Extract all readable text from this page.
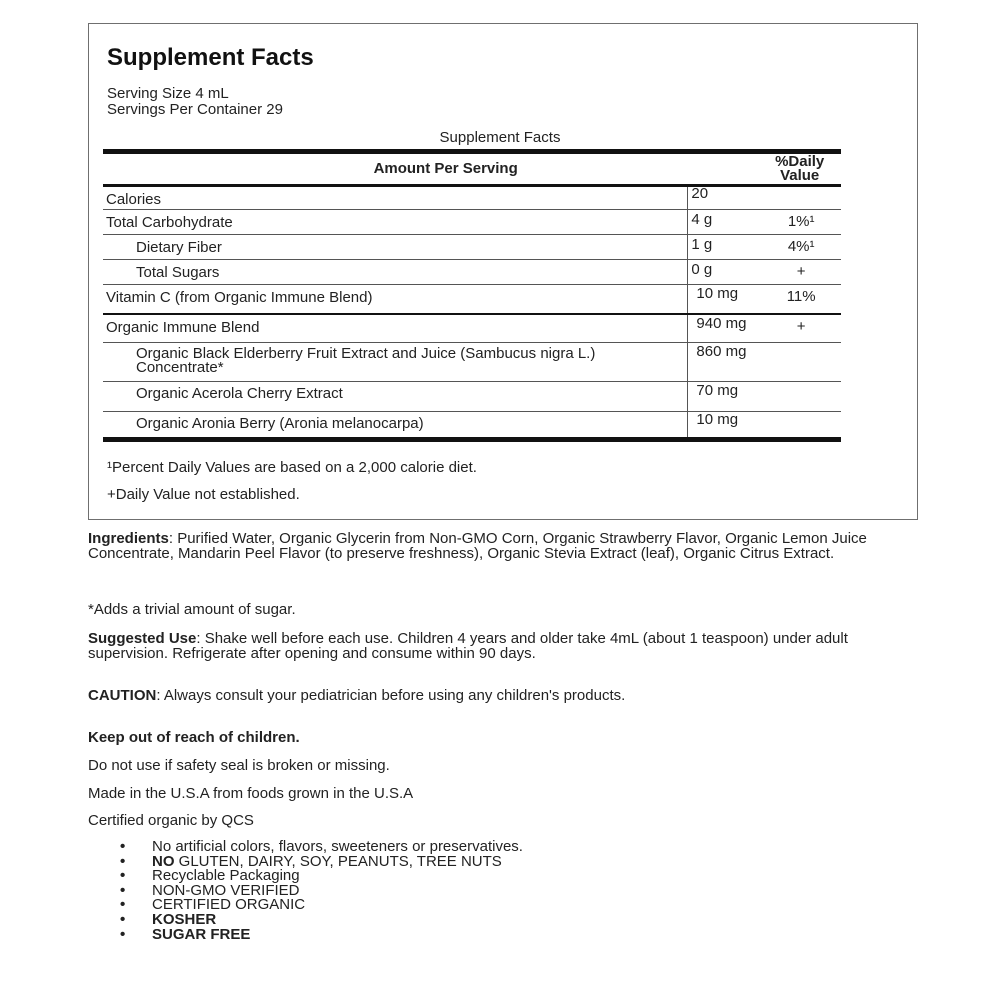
Supplement Facts
Serving Size 4 mL
Servings Per Container 29
Supplement Facts
Amount Per Serving		%Daily Value
Calories	20	
Total Carbohydrate	4 g	1%¹
Dietary Fiber	1 g	4%¹
Total Sugars	0 g	+
Vitamin C (from Organic Immune Blend)	10 mg	11%
Organic Immune Blend	940 mg	+
Organic Black Elderberry Fruit Extract and Juice (Sambucus nigra L.) Concentrate*	860 mg	
Organic Acerola Cherry Extract	70 mg	
Organic Aronia Berry (Aronia melanocarpa)	10 mg	
¹Percent Daily Values are based on a 2,000 calorie diet.
+Daily Value not established.
Ingredients: Purified Water, Organic Glycerin from Non-GMO Corn, Organic Strawberry Flavor, Organic Lemon Juice Concentrate, Mandarin Peel Flavor (to preserve freshness), Organic Stevia Extract (leaf), Organic Citrus Extract.
*Adds a trivial amount of sugar.
Suggested Use: Shake well before each use. Children 4 years and older take 4mL (about 1 teaspoon) under adult supervision. Refrigerate after opening and consume within 90 days.
CAUTION: Always consult your pediatrician before using any children's products.
Keep out of reach of children.
Do not use if safety seal is broken or missing.
Made in the U.S.A from foods grown in the U.S.A
Certified organic by QCS
• No artificial colors, flavors, sweeteners or preservatives.
• NO GLUTEN, DAIRY, SOY, PEANUTS, TREE NUTS
• Recyclable Packaging
• NON-GMO VERIFIED
• CERTIFIED ORGANIC
• KOSHER
• SUGAR FREE
